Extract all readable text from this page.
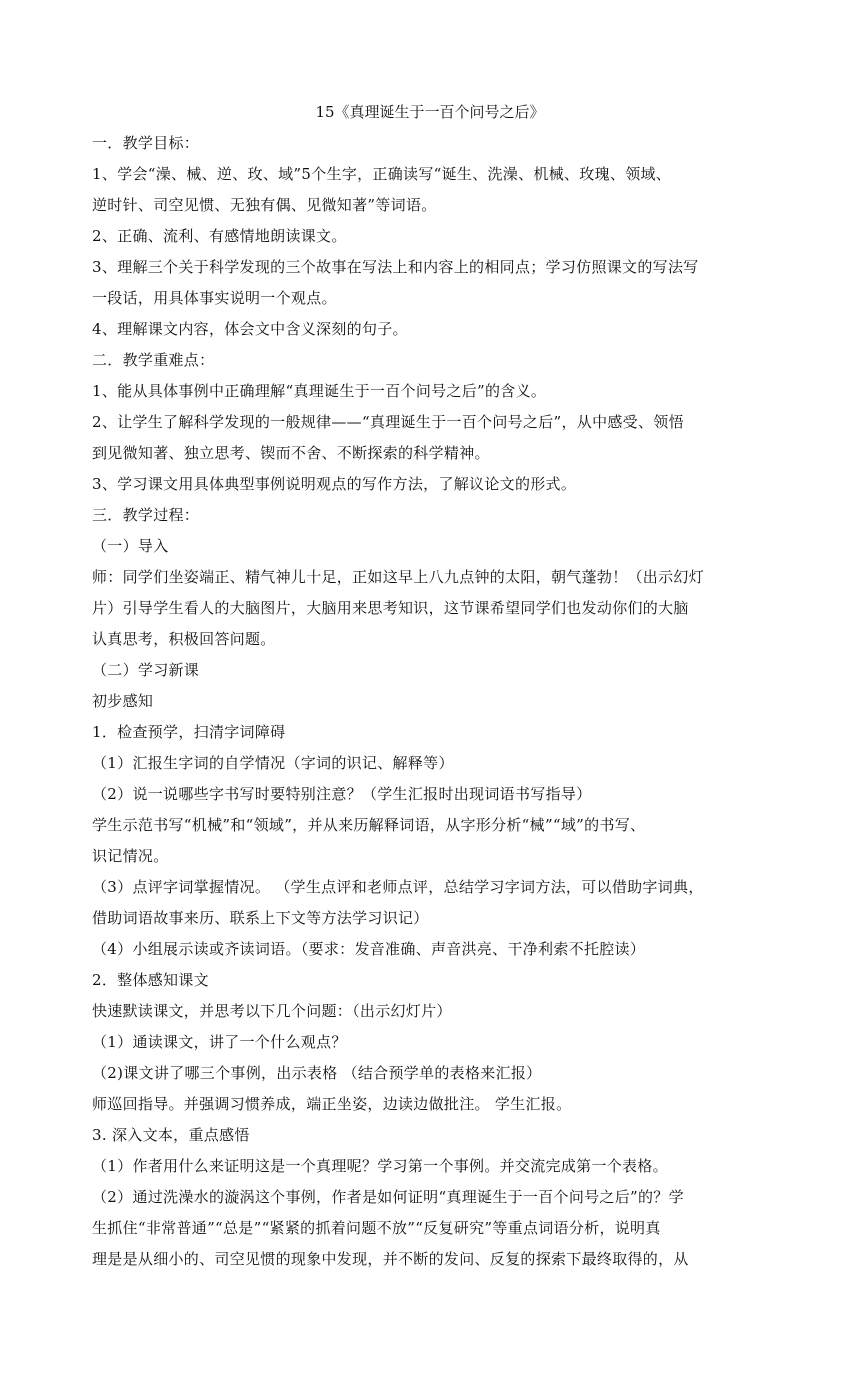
15《真理诞生于一百个问号之后》
一．教学目标：
1、学会“澡、械、逆、玫、域”5个生字，正确读写“诞生、洗澡、机械、玫瑰、领域、
逆时针、司空见惯、无独有偶、见微知著”等词语。
2、正确、流利、有感情地朗读课文。
3、理解三个关于科学发现的三个故事在写法上和内容上的相同点；学习仿照课文的写法写
一段话，用具体事实说明一个观点。
4、理解课文内容，体会文中含义深刻的句子。
二．教学重难点：
1、能从具体事例中正确理解“真理诞生于一百个问号之后”的含义。
2、让学生了解科学发现的一般规律——“真理诞生于一百个问号之后”，从中感受、领悟
到见微知著、独立思考、锲而不舍、不断探索的科学精神。
3、学习课文用具体典型事例说明观点的写作方法，了解议论文的形式。
三．教学过程：
（一）导入
师：同学们坐姿端正、精气神儿十足，正如这早上八九点钟的太阳，朝气蓬勃！（出示幻灯
片）引导学生看人的大脑图片，大脑用来思考知识，这节课希望同学们也发动你们的大脑
认真思考，积极回答问题。
（二）学习新课
初步感知
1．检查预学，扫清字词障碍
（1）汇报生字词的自学情况（字词的识记、解释等）
（2）说一说哪些字书写时要特别注意？（学生汇报时出现词语书写指导）
学生示范书写“机械”和“领域”，并从来历解释词语，从字形分析“械”“域”的书写、
识记情况。
（3）点评字词掌握情况。 （学生点评和老师点评，总结学习字词方法，可以借助字词典，
借助词语故事来历、联系上下文等方法学习识记）
（4）小组展示读或齐读词语。（要求：发音准确、声音洪亮、干净利索不托腔读）
2．整体感知课文
快速默读课文，并思考以下几个问题：（出示幻灯片）
（1）通读课文，讲了一个什么观点？
（2)课文讲了哪三个事例，出示表格 （结合预学单的表格来汇报）
师巡回指导。并强调习惯养成，端正坐姿，边读边做批注。 学生汇报。
3. 深入文本，重点感悟
（1）作者用什么来证明这是一个真理呢？学习第一个事例。并交流完成第一个表格。
（2）通过洗澡水的漩涡这个事例，作者是如何证明“真理诞生于一百个问号之后”的？学
生抓住“非常普通”“总是”“紧紧的抓着问题不放”“反复研究”等重点词语分析，说明真
理是是从细小的、司空见惯的现象中发现，并不断的发问、反复的探索下最终取得的，从
